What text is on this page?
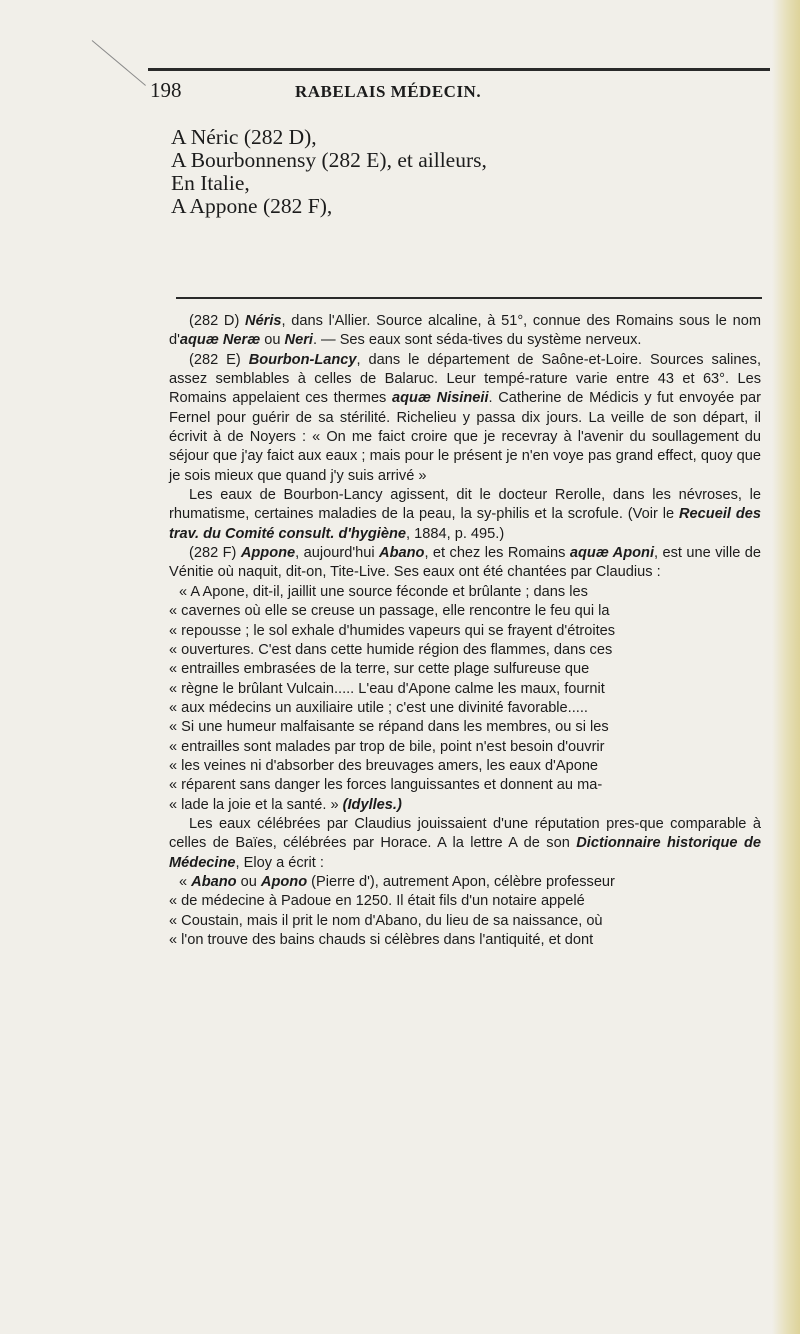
198	RABELAIS MÉDECIN.
A Néric (282 D),
A Bourbonnensy (282 E), et ailleurs,
En Italie,
A Appone (282 F),

(282 D) Néris, dans l'Allier. Source alcaline, à 51°, connue des Romains sous le nom d'aquæ Neræ ou Neri. — Ses eaux sont séda-tives du système nerveux.

(282 E) Bourbon-Lancy, dans le département de Saône-et-Loire. Sources salines, assez semblables à celles de Balaruc. Leur tempé-rature varie entre 43 et 63°. Les Romains appelaient ces thermes aquæ Nisineii. Catherine de Médicis y fut envoyée par Fernel pour guérir de sa stérilité. Richelieu y passa dix jours. La veille de son départ, il écrivit à de Noyers : « On me faict croire que je recevray à l'avenir du soullagement du séjour que j'ay faict aux eaux ; mais pour le présent je n'en voye pas grand effect, quoy que je sois mieux que quand j'y suis arrivé »

Les eaux de Bourbon-Lancy agissent, dit le docteur Rerolle, dans les névroses, le rhumatisme, certaines maladies de la peau, la sy-philis et la scrofule. (Voir le Recueil des trav. du Comité consult. d'hygiène, 1884, p. 495.)

(282 F) Appone, aujourd'hui Abano, et chez les Romains aquæ Aponi, est une ville de Vénitie où naquit, dit-on, Tite-Live. Ses eaux ont été chantées par Claudius :

« A Apone, dit-il, jaillit une source féconde et brûlante ; dans les

« cavernes où elle se creuse un passage, elle rencontre le feu qui la

« repousse ; le sol exhale d'humides vapeurs qui se frayent d'étroites

« ouvertures. C'est dans cette humide région des flammes, dans ces

« entrailles embrasées de la terre, sur cette plage sulfureuse que

« règne le brûlant Vulcain..... L'eau d'Apone calme les maux, fournit

« aux médecins un auxiliaire utile ; c'est une divinité favorable.....

« Si une humeur malfaisante se répand dans les membres, ou si les

« entrailles sont malades par trop de bile, point n'est besoin d'ouvrir

« les veines ni d'absorber des breuvages amers, les eaux d'Apone

« réparent sans danger les forces languissantes et donnent au ma-

« lade la joie et la santé. » (Idylles.)

Les eaux célébrées par Claudius jouissaient d'une réputation pres-que comparable à celles de Baïes, célébrées par Horace. A la lettre A de son Dictionnaire historique de Médecine, Eloy a écrit :

« Abano ou Apono (Pierre d'), autrement Apon, célèbre professeur

« de médecine à Padoue en 1250. Il était fils d'un notaire appelé

« Coustain, mais il prit le nom d'Abano, du lieu de sa naissance, où

« l'on trouve des bains chauds si célèbres dans l'antiquité, et dont
